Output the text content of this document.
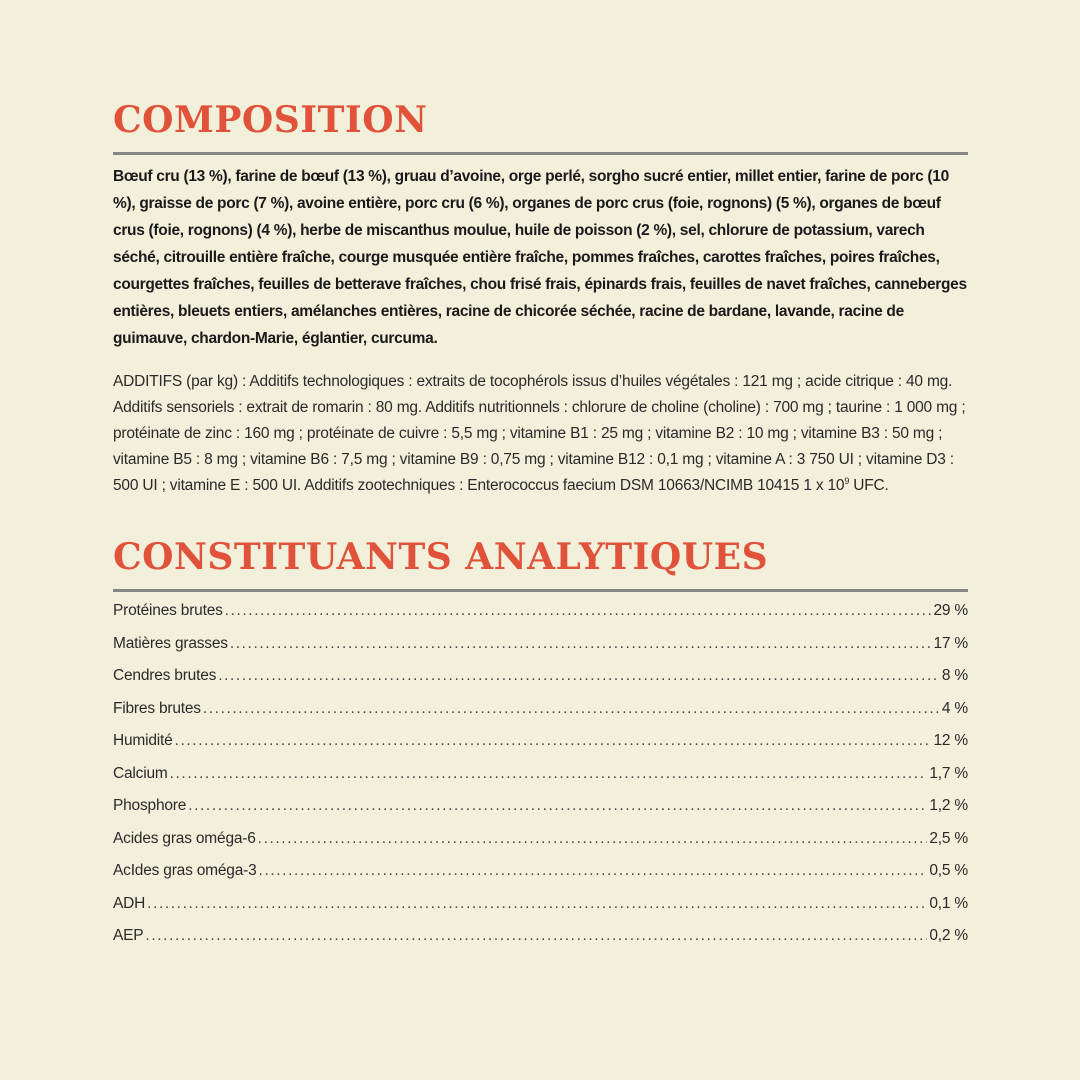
COMPOSITION

Bœuf cru (13 %), farine de bœuf (13 %), gruau d’avoine, orge perlé, sorgho sucré entier, millet entier, farine de porc (10 %), graisse de porc (7 %), avoine entière, porc cru (6 %), organes de porc crus (foie, rognons) (5 %), organes de bœuf crus (foie, rognons) (4 %), herbe de miscanthus moulue, huile de poisson (2 %), sel, chlorure de potassium, varech séché, citrouille entière fraîche, courge musquée entière fraîche, pommes fraîches, carottes fraîches, poires fraîches, courgettes fraîches, feuilles de betterave fraîches, chou frisé frais, épinards frais, feuilles de navet fraîches, canneberges entières, bleuets entiers, amélanches entières, racine de chicorée séchée, racine de bardane, lavande, racine de guimauve, chardon-Marie, églantier, curcuma.

ADDITIFS (par kg) : Additifs technologiques : extraits de tocophérols issus d’huiles végétales : 121 mg ; acide citrique : 40 mg. Additifs sensoriels : extrait de romarin : 80 mg. Additifs nutritionnels : chlorure de choline (choline) : 700 mg ; taurine : 1 000 mg ; protéinate de zinc : 160 mg ; protéinate de cuivre : 5,5 mg ; vitamine B1 : 25 mg ; vitamine B2 : 10 mg ; vitamine B3 : 50 mg ; vitamine B5 : 8 mg ; vitamine B6 : 7,5 mg ; vitamine B9 : 0,75 mg ; vitamine B12 : 0,1 mg ; vitamine A : 3 750 UI ; vitamine D3 : 500 UI ; vitamine E : 500 UI. Additifs zootechniques : Enterococcus faecium DSM 10663/NCIMB 10415 1 x $10^9$ UFC.

CONSTITUANTS ANALYTIQUES
Protéines brutes .....	29 %
Matières grasses .....	17 %
Cendres brutes .....	8 %
Fibres brutes .....	4 %
Humidité .....	12 %
Calcium .....	1,7 %
Phosphore .....	1,2 %
Acides gras oméga-6 .....	2,5 %
AcIdes gras oméga-3 .....	0,5 %
ADH .....	0,1 %
AEP .....	0,2 %
